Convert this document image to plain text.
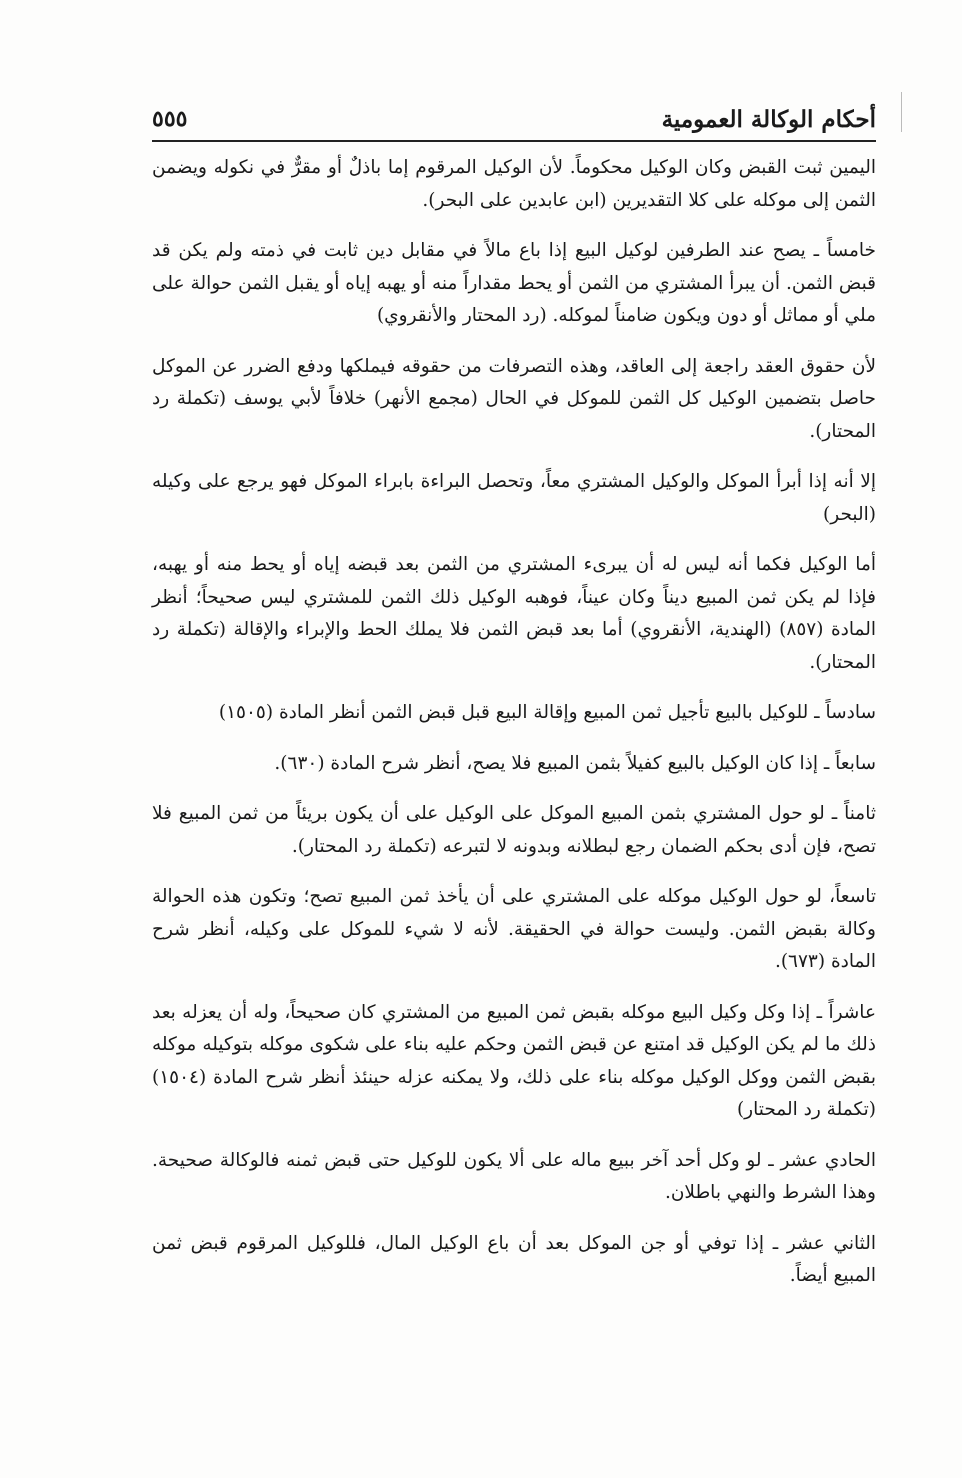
أحكام الوكالة العمومية
٥٥٥

اليمين ثبت القبض وكان الوكيل محكوماً. لأن الوكيل المرقوم إما باذلٌ أو مقرٌّ في نكوله ويضمن الثمن إلى موكله على كلا التقديرين (ابن عابدين على البحر).

خامساً ـ يصح عند الطرفين لوكيل البيع إذا باع مالاً في مقابل دين ثابت في ذمته ولم يكن قد قبض الثمن. أن يبرأ المشتري من الثمن أو يحط مقداراً منه أو يهبه إياه أو يقبل الثمن حوالة على ملي أو مماثل أو دون ويكون ضامناً لموكله. (رد المحتار والأنقروي)

لأن حقوق العقد راجعة إلى العاقد، وهذه التصرفات من حقوقه فيملكها ودفع الضرر عن الموكل حاصل بتضمين الوكيل كل الثمن للموكل في الحال (مجمع الأنهر) خلافاً لأبي يوسف (تكملة رد المحتار).

إلا أنه إذا أبرأ الموكل والوكيل المشتري معاً، وتحصل البراءة بابراء الموكل فهو يرجع على وكيله (البحر)

أما الوكيل فكما أنه ليس له أن يبرىء المشتري من الثمن بعد قبضه إياه أو يحط منه أو يهبه، فإذا لم يكن ثمن المبيع ديناً وكان عيناً، فوهبه الوكيل ذلك الثمن للمشتري ليس صحيحاً؛ أنظر المادة (٨٥٧) (الهندية، الأنقروي) أما بعد قبض الثمن فلا يملك الحط والإبراء والإقالة (تكملة رد المحتار).

سادساً ـ للوكيل بالبيع تأجيل ثمن المبيع وإقالة البيع قبل قبض الثمن أنظر المادة (١٥٠٥)

سابعاً ـ إذا كان الوكيل بالبيع كفيلاً بثمن المبيع فلا يصح، أنظر شرح المادة (٦٣٠).

ثامناً ـ لو حول المشتري بثمن المبيع الموكل على الوكيل على أن يكون بريئاً من ثمن المبيع فلا تصح، فإن أدى بحكم الضمان رجع لبطلانه وبدونه لا لتبرعه (تكملة رد المحتار).

تاسعاً، لو حول الوكيل موكله على المشتري على أن يأخذ ثمن المبيع تصح؛ وتكون هذه الحوالة وكالة بقبض الثمن. وليست حوالة في الحقيقة. لأنه لا شيء للموكل على وكيله، أنظر شرح المادة (٦٧٣).

عاشراً ـ إذا وكل وكيل البيع موكله بقبض ثمن المبيع من المشتري كان صحيحاً، وله أن يعزله بعد ذلك ما لم يكن الوكيل قد امتنع عن قبض الثمن وحكم عليه بناء على شكوى موكله بتوكيله موكله بقبض الثمن ووكل الوكيل موكله بناء على ذلك، ولا يمكنه عزله حينئذ أنظر شرح المادة (١٥٠٤) (تكملة رد المحتار)

الحادي عشر ـ لو وكل أحد آخر ببيع ماله على ألا يكون للوكيل حتى قبض ثمنه فالوكالة صحيحة. وهذا الشرط والنهي باطلان.

الثاني عشر ـ إذا توفي أو جن الموكل بعد أن باع الوكيل المال، فللوكيل المرقوم قبض ثمن المبيع أيضاً.
